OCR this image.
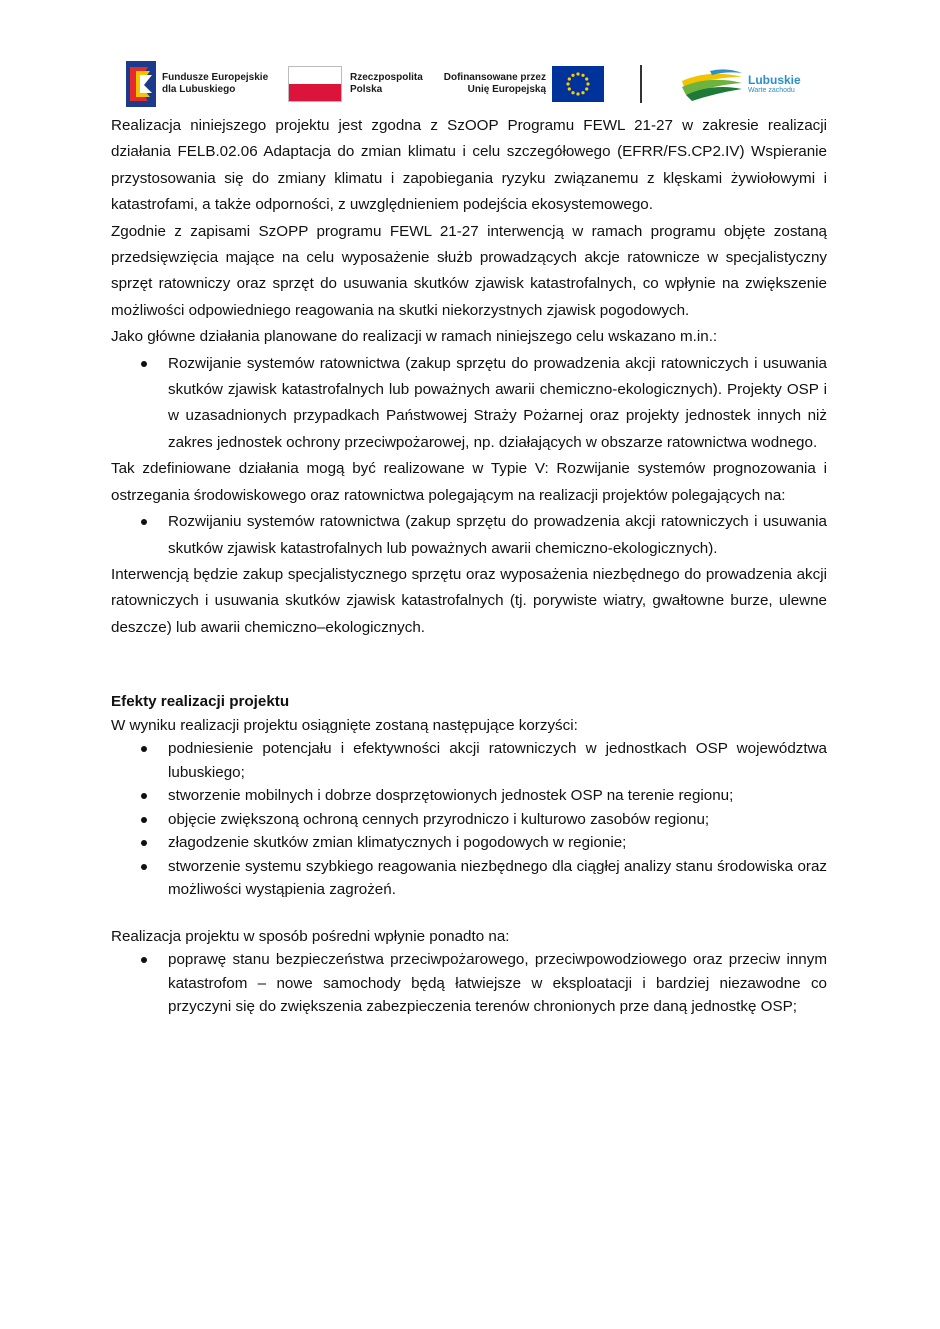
Fundusze Europejskie
dla Lubuskiego
Rzeczpospolita
Polska
Dofinansowane przez
Unię Europejską
Lubuskie
Warte zachodu

Realizacja niniejszego projektu jest zgodna z SzOOP Programu FEWL 21-27 w zakresie realizacji działania FELB.02.06 Adaptacja do zmian klimatu i celu szczegółowego (EFRR/FS.CP2.IV) Wspieranie przystosowania się do zmiany klimatu i zapobiegania ryzyku związanemu z klęskami żywiołowymi i katastrofami, a także odporności, z uwzględnieniem podejścia ekosystemowego.

Zgodnie z zapisami SzOPP programu FEWL 21-27 interwencją w ramach programu objęte zostaną przedsięwzięcia mające na celu wyposażenie służb prowadzących akcje ratownicze w specjalistyczny sprzęt ratowniczy oraz sprzęt do usuwania skutków zjawisk katastrofalnych, co wpłynie na zwiększenie możliwości odpowiedniego reagowania na skutki niekorzystnych zjawisk pogodowych.

Jako główne działania planowane do realizacji w ramach niniejszego celu wskazano m.in.:

Rozwijanie systemów ratownictwa (zakup sprzętu do prowadzenia akcji ratowniczych i usuwania skutków zjawisk katastrofalnych lub poważnych awarii chemiczno-ekologicznych). Projekty OSP i w uzasadnionych przypadkach Państwowej Straży Pożarnej oraz projekty jednostek innych niż zakres jednostek ochrony przeciwpożarowej, np. działających w obszarze ratownictwa wodnego.

Tak zdefiniowane działania mogą być realizowane w Typie V: Rozwijanie systemów prognozowania i ostrzegania środowiskowego oraz ratownictwa polegającym na realizacji projektów polegających na:

Rozwijaniu systemów ratownictwa (zakup sprzętu do prowadzenia akcji ratowniczych i usuwania skutków zjawisk katastrofalnych lub poważnych awarii chemiczno-ekologicznych).

Interwencją będzie zakup specjalistycznego sprzętu oraz wyposażenia niezbędnego do prowadzenia akcji ratowniczych i usuwania skutków zjawisk katastrofalnych (tj. porywiste wiatry, gwałtowne burze, ulewne deszcze) lub awarii chemiczno–ekologicznych.

Efekty realizacji projektu

W wyniku realizacji projektu osiągnięte zostaną następujące korzyści:

podniesienie potencjału i efektywności akcji ratowniczych w jednostkach OSP województwa lubuskiego;
stworzenie mobilnych i dobrze dosprzętowionych jednostek OSP na terenie regionu;
objęcie zwiększoną ochroną cennych przyrodniczo i kulturowo zasobów regionu;
złagodzenie skutków zmian klimatycznych i pogodowych w regionie;
stworzenie systemu szybkiego reagowania niezbędnego dla ciągłej analizy stanu środowiska oraz możliwości wystąpienia zagrożeń.

Realizacja projektu w sposób pośredni wpłynie ponadto na:

poprawę stanu bezpieczeństwa przeciwpożarowego, przeciwpowodziowego oraz przeciw innym katastrofom – nowe samochody będą łatwiejsze w eksploatacji i bardziej niezawodne co przyczyni się do zwiększenia zabezpieczenia terenów chronionych prze daną jednostkę OSP;
